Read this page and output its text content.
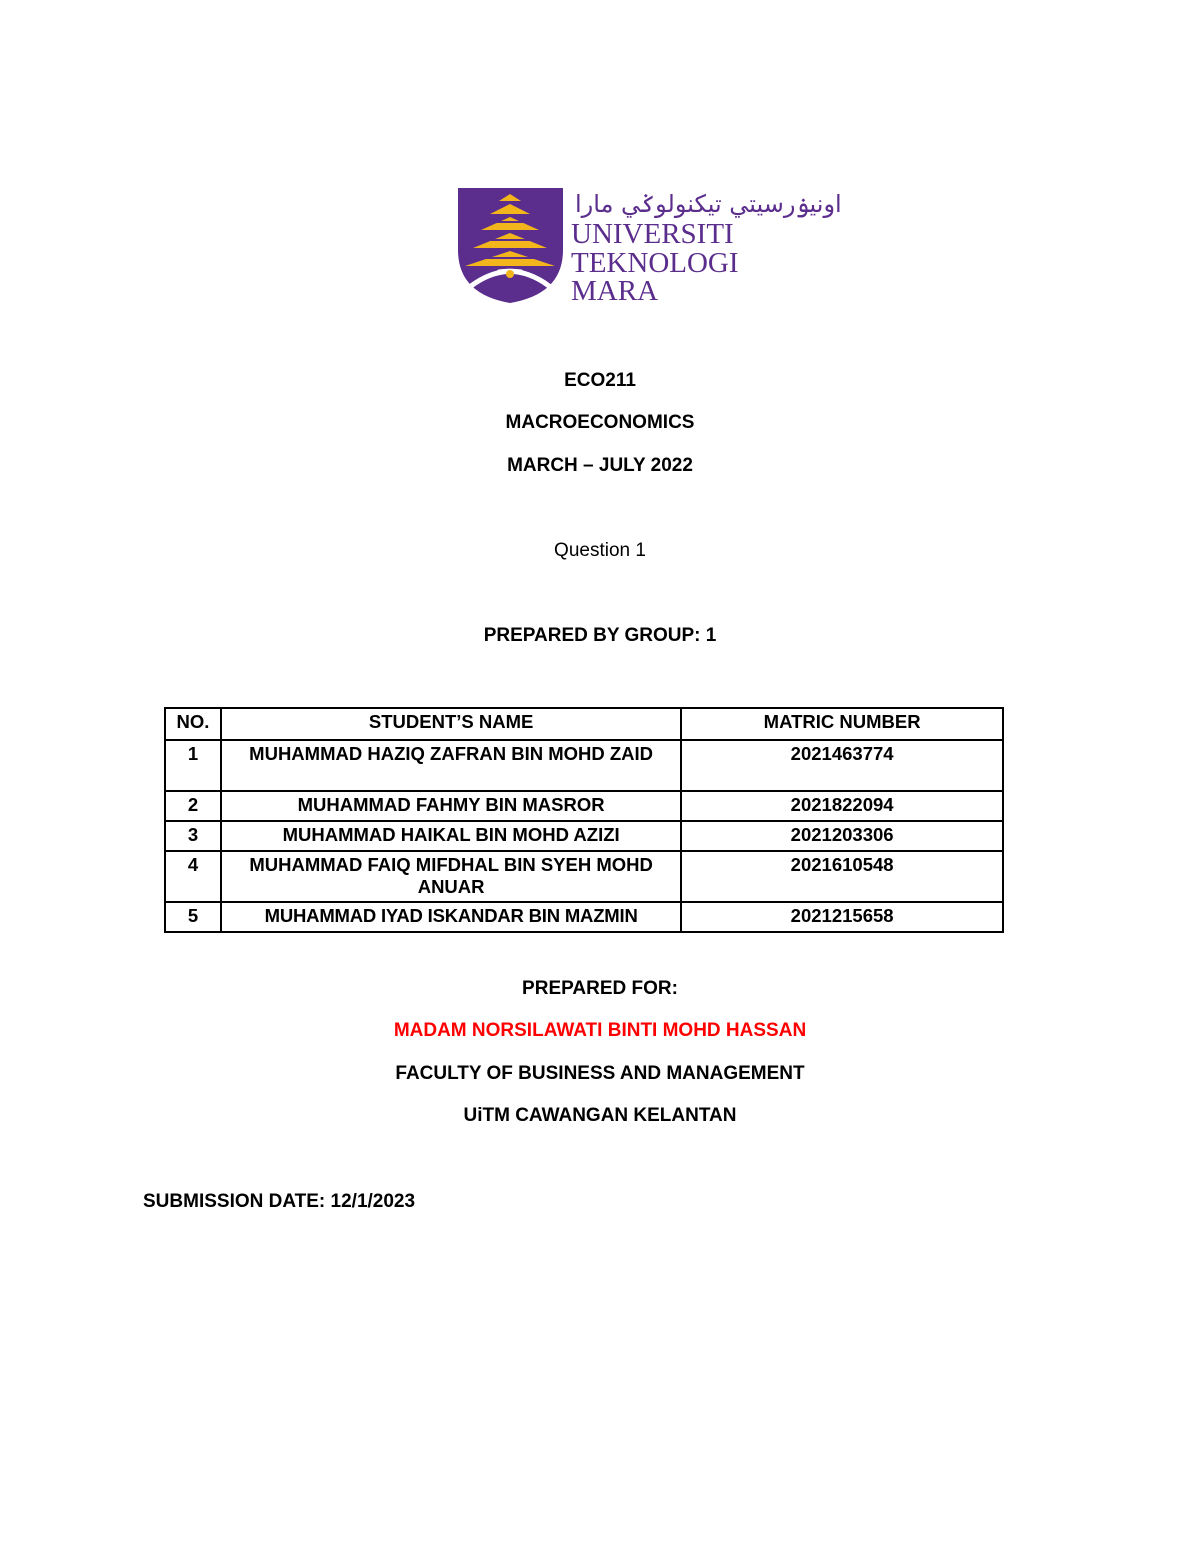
اونيۏرسيتي تيكنولوݢي مارا
UNIVERSITI
TEKNOLOGI
MARA
ECO211
MACROECONOMICS
MARCH – JULY 2022
Question 1
PREPARED BY GROUP: 1
NO.	STUDENT’S NAME	MATRIC NUMBER
1	MUHAMMAD HAZIQ ZAFRAN BIN MOHD ZAID	2021463774
2	MUHAMMAD FAHMY BIN MASROR	2021822094
3	MUHAMMAD HAIKAL BIN MOHD AZIZI	2021203306
4	MUHAMMAD FAIQ MIFDHAL BIN SYEH MOHD ANUAR	2021610548
5	MUHAMMAD IYAD ISKANDAR BIN MAZMIN	2021215658
PREPARED FOR:
MADAM NORSILAWATI BINTI MOHD HASSAN
FACULTY OF BUSINESS AND MANAGEMENT
UiTM CAWANGAN KELANTAN
SUBMISSION DATE: 12/1/2023
